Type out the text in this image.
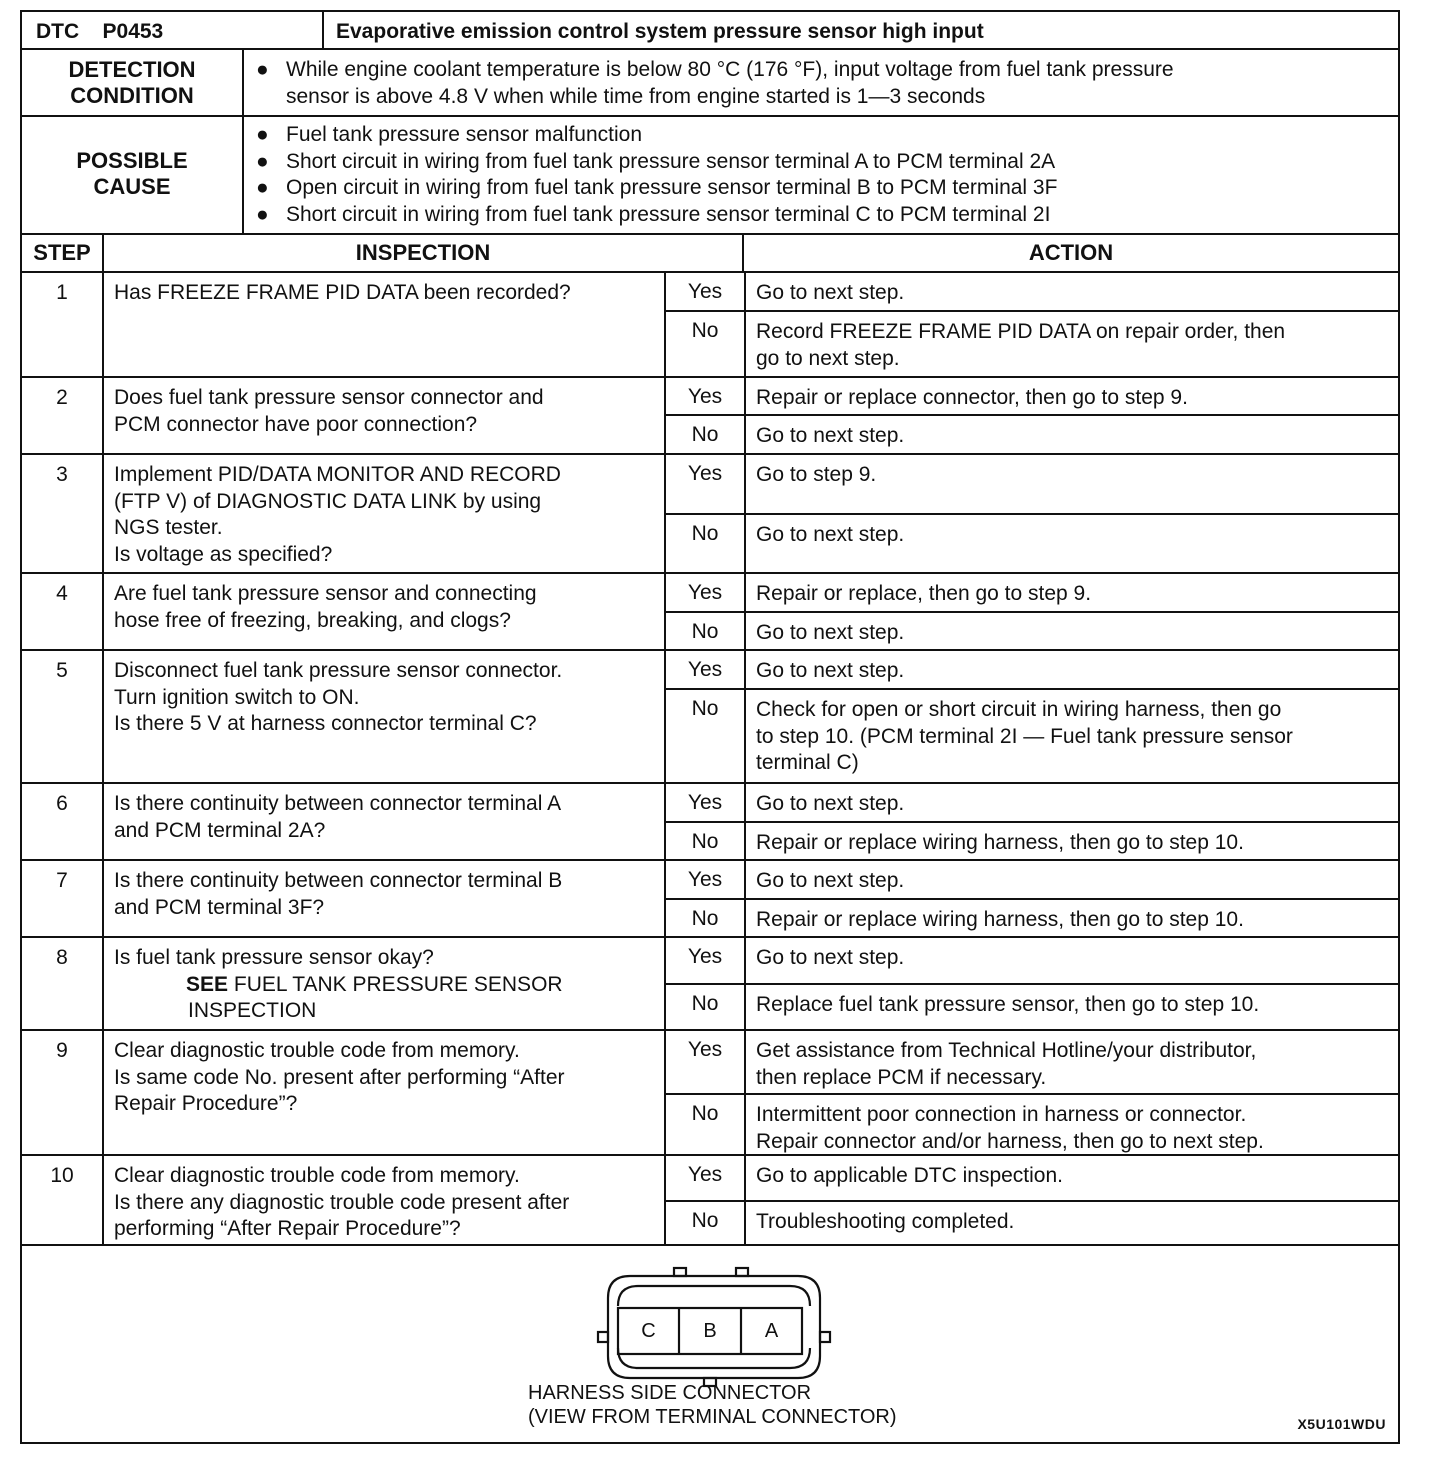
DTC P0453	Evaporative emission control system pressure sensor high input
DETECTION
CONDITION
● While engine coolant temperature is below 80 °C (176 °F), input voltage from fuel tank pressure
sensor is above 4.8 V when while time from engine started is 1—3 seconds
POSSIBLE
CAUSE
● Fuel tank pressure sensor malfunction
● Short circuit in wiring from fuel tank pressure sensor terminal A to PCM terminal 2A
● Open circuit in wiring from fuel tank pressure sensor terminal B to PCM terminal 3F
● Short circuit in wiring from fuel tank pressure sensor terminal C to PCM terminal 2I
STEP	INSPECTION	ACTION
1	Has FREEZE FRAME PID DATA been recorded?	Yes	Go to next step.
No	Record FREEZE FRAME PID DATA on repair order, then
go to next step.
2	Does fuel tank pressure sensor connector and
PCM connector have poor connection?
Yes	Repair or replace connector, then go to step 9.
No	Go to next step.
3	Implement PID/DATA MONITOR AND RECORD
(FTP V) of DIAGNOSTIC DATA LINK by using
NGS tester.
Is voltage as specified?
Yes	Go to step 9.
No	Go to next step.
4	Are fuel tank pressure sensor and connecting
hose free of freezing, breaking, and clogs?
Yes	Repair or replace, then go to step 9.
No	Go to next step.
5	Disconnect fuel tank pressure sensor connector.
Turn ignition switch to ON.
Is there 5 V at harness connector terminal C?
Yes	Go to next step.
No	Check for open or short circuit in wiring harness, then go
to step 10. (PCM terminal 2I — Fuel tank pressure sensor
terminal C)
6	Is there continuity between connector terminal A
and PCM terminal 2A?
Yes	Go to next step.
No	Repair or replace wiring harness, then go to step 10.
7	Is there continuity between connector terminal B
and PCM terminal 3F?
Yes	Go to next step.
No	Repair or replace wiring harness, then go to step 10.
8	Is fuel tank pressure sensor okay?
SEE FUEL TANK PRESSURE SENSOR
INSPECTION
Yes	Go to next step.
No	Replace fuel tank pressure sensor, then go to step 10.
9	Clear diagnostic trouble code from memory.
Is same code No. present after performing “After
Repair Procedure”?
Yes	Get assistance from Technical Hotline/your distributor,
then replace PCM if necessary.
No	Intermittent poor connection in harness or connector.
Repair connector and/or harness, then go to next step.
10	Clear diagnostic trouble code from memory.
Is there any diagnostic trouble code present after
performing “After Repair Procedure”?
Yes	Go to applicable DTC inspection.
No	Troubleshooting completed.
C	B	A
HARNESS SIDE CONNECTOR
(VIEW FROM TERMINAL CONNECTOR)	X5U101WDU
